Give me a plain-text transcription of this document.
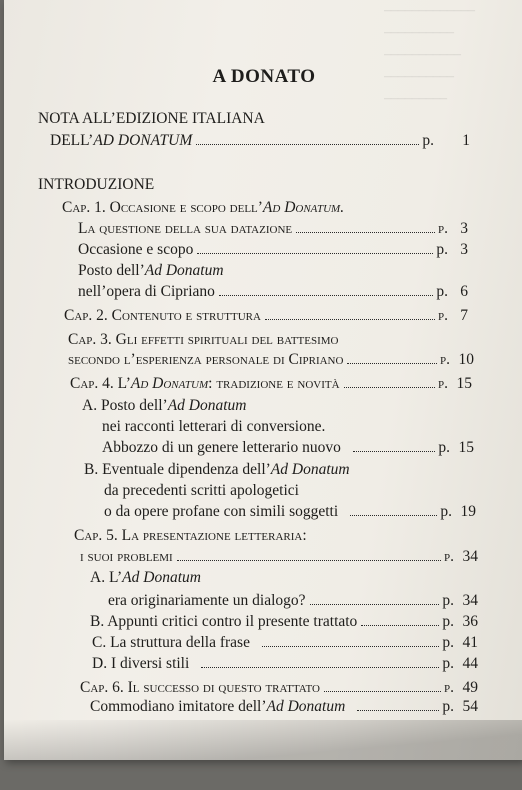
–––––––––––––
––––––––––
–––––––––––
––––––––––
–––––––––
A DONATO
NOTA ALL’EDIZIONE ITALIANA
DELL’ AD DONATUM	p.	1
INTRODUZIONE
Cap. 1. Occasione e scopo dell’ Ad Donatum.
La questione della sua datazione	p. 3
Occasione e scopo	p. 3
Posto dell’ Ad Donatum
nell’opera di Cipriano	p. 6
Cap. 2. Contenuto e struttura	p. 7
Cap. 3. Gli effetti spirituali del battesimo
secondo l’esperienza personale di Cipriano	p. 10
Cap. 4. L’ Ad Donatum : tradizione e novità	p. 15
A. Posto dell’ Ad Donatum
nei racconti letterari di conversione.
Abbozzo di un genere letterario nuovo	p. 15
B. Eventuale dipendenza dell’ Ad Donatum
da precedenti scritti apologetici
o da opere profane con simili soggetti	p. 19
Cap. 5. La presentazione letteraria:
i suoi problemi	p. 34
A. L’ Ad Donatum
era originariamente un dialogo?	p. 34
B. Appunti critici contro il presente trattato	p. 36
C. La struttura della frase	p. 41
D. I diversi stili	p. 44
Cap. 6. Il successo di questo trattato	p. 49
Commodiano imitatore dell’ Ad Donatum	p. 54
